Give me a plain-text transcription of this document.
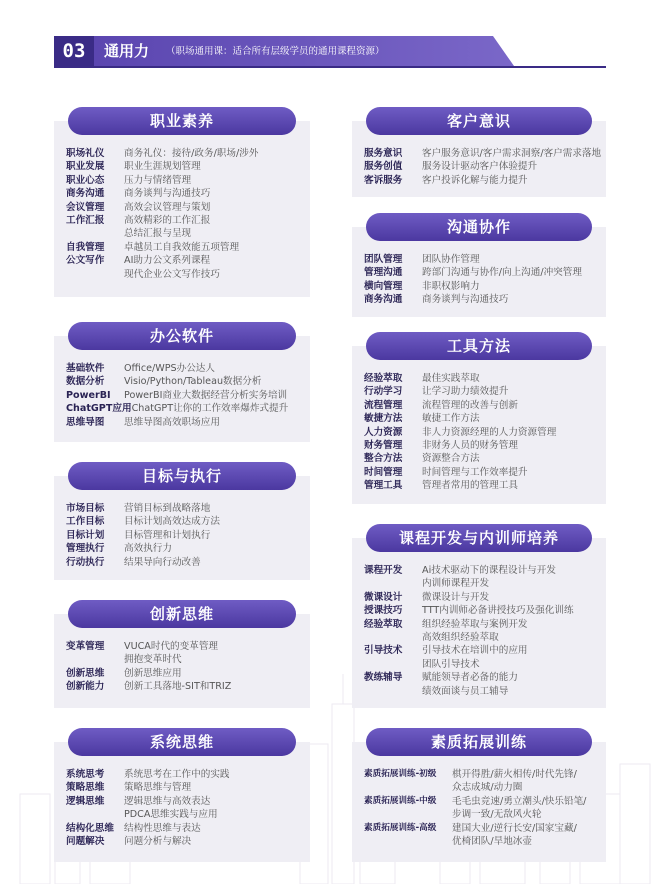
03	通用力 （职场通用课：适合所有层级学员的通用课程资源）
职业素养
职场礼仪	商务礼仪：接待/政务/职场/涉外
职业发展	职业生涯规划管理
职业心态	压力与情绪管理
商务沟通	商务谈判与沟通技巧
会议管理	高效会议管理与策划
工作汇报	高效精彩的工作汇报
总结汇报与呈现
自我管理	卓越员工自我效能五项管理
公文写作	AI助力公文系列课程
现代企业公文写作技巧
办公软件
基础软件	Office/WPS办公达人
数据分析	Visio/Python/Tableau数据分析
PowerBI	PowerBI商业大数据经营分析实务培训
ChatGPT应用 ChatGPT让你的工作效率爆炸式提升
思维导图	思维导图高效职场应用
目标与执行
市场目标	营销目标到战略落地
工作目标	目标计划高效达成方法
目标计划	目标管理和计划执行
管理执行	高效执行力
行动执行	结果导向行动改善
创新思维
变革管理	VUCA时代的变革管理
拥抱变革时代
创新思维	创新思维应用
创新能力	创新工具落地-SIT和TRIZ
系统思维
系统思考	系统思考在工作中的实践
策略思维	策略思维与管理
逻辑思维	逻辑思维与高效表达
PDCA思维实践与应用
结构化思维	结构性思维与表达
问题解决	问题分析与解决
客户意识
服务意识	客户服务意识/客户需求洞察/客户需求落地
服务创值	服务设计驱动客户体验提升
客诉服务	客户投诉化解与能力提升
沟通协作
团队管理	团队协作管理
管理沟通	跨部门沟通与协作/向上沟通/冲突管理
横向管理	非职权影响力
商务沟通	商务谈判与沟通技巧
工具方法
经验萃取	最佳实践萃取
行动学习	让学习助力绩效提升
流程管理	流程管理的改善与创新
敏捷方法	敏捷工作方法
人力资源	非人力资源经理的人力资源管理
财务管理	非财务人员的财务管理
整合方法	资源整合方法
时间管理	时间管理与工作效率提升
管理工具	管理者常用的管理工具
课程开发与内训师培养
课程开发	Ai技术驱动下的课程设计与开发
内训师课程开发
微课设计	微课设计与开发
授课技巧	TTT内训师必备讲授技巧及强化训练
经验萃取	组织经验萃取与案例开发
高效组织经验萃取
引导技术	引导技术在培训中的应用
团队引导技术
教练辅导	赋能领导者必备的能力
绩效面谈与员工辅导
素质拓展训练
素质拓展训练-初级	棋开得胜/薪火相传/时代先锋/
众志成城/动力圈
素质拓展训练-中级	毛毛虫竞速/勇立潮头/快乐铅笔/
步调一致/无敌风火轮
素质拓展训练-高级	建国大业/逆行长安/国家宝藏/
优椅团队/旱地冰壶
